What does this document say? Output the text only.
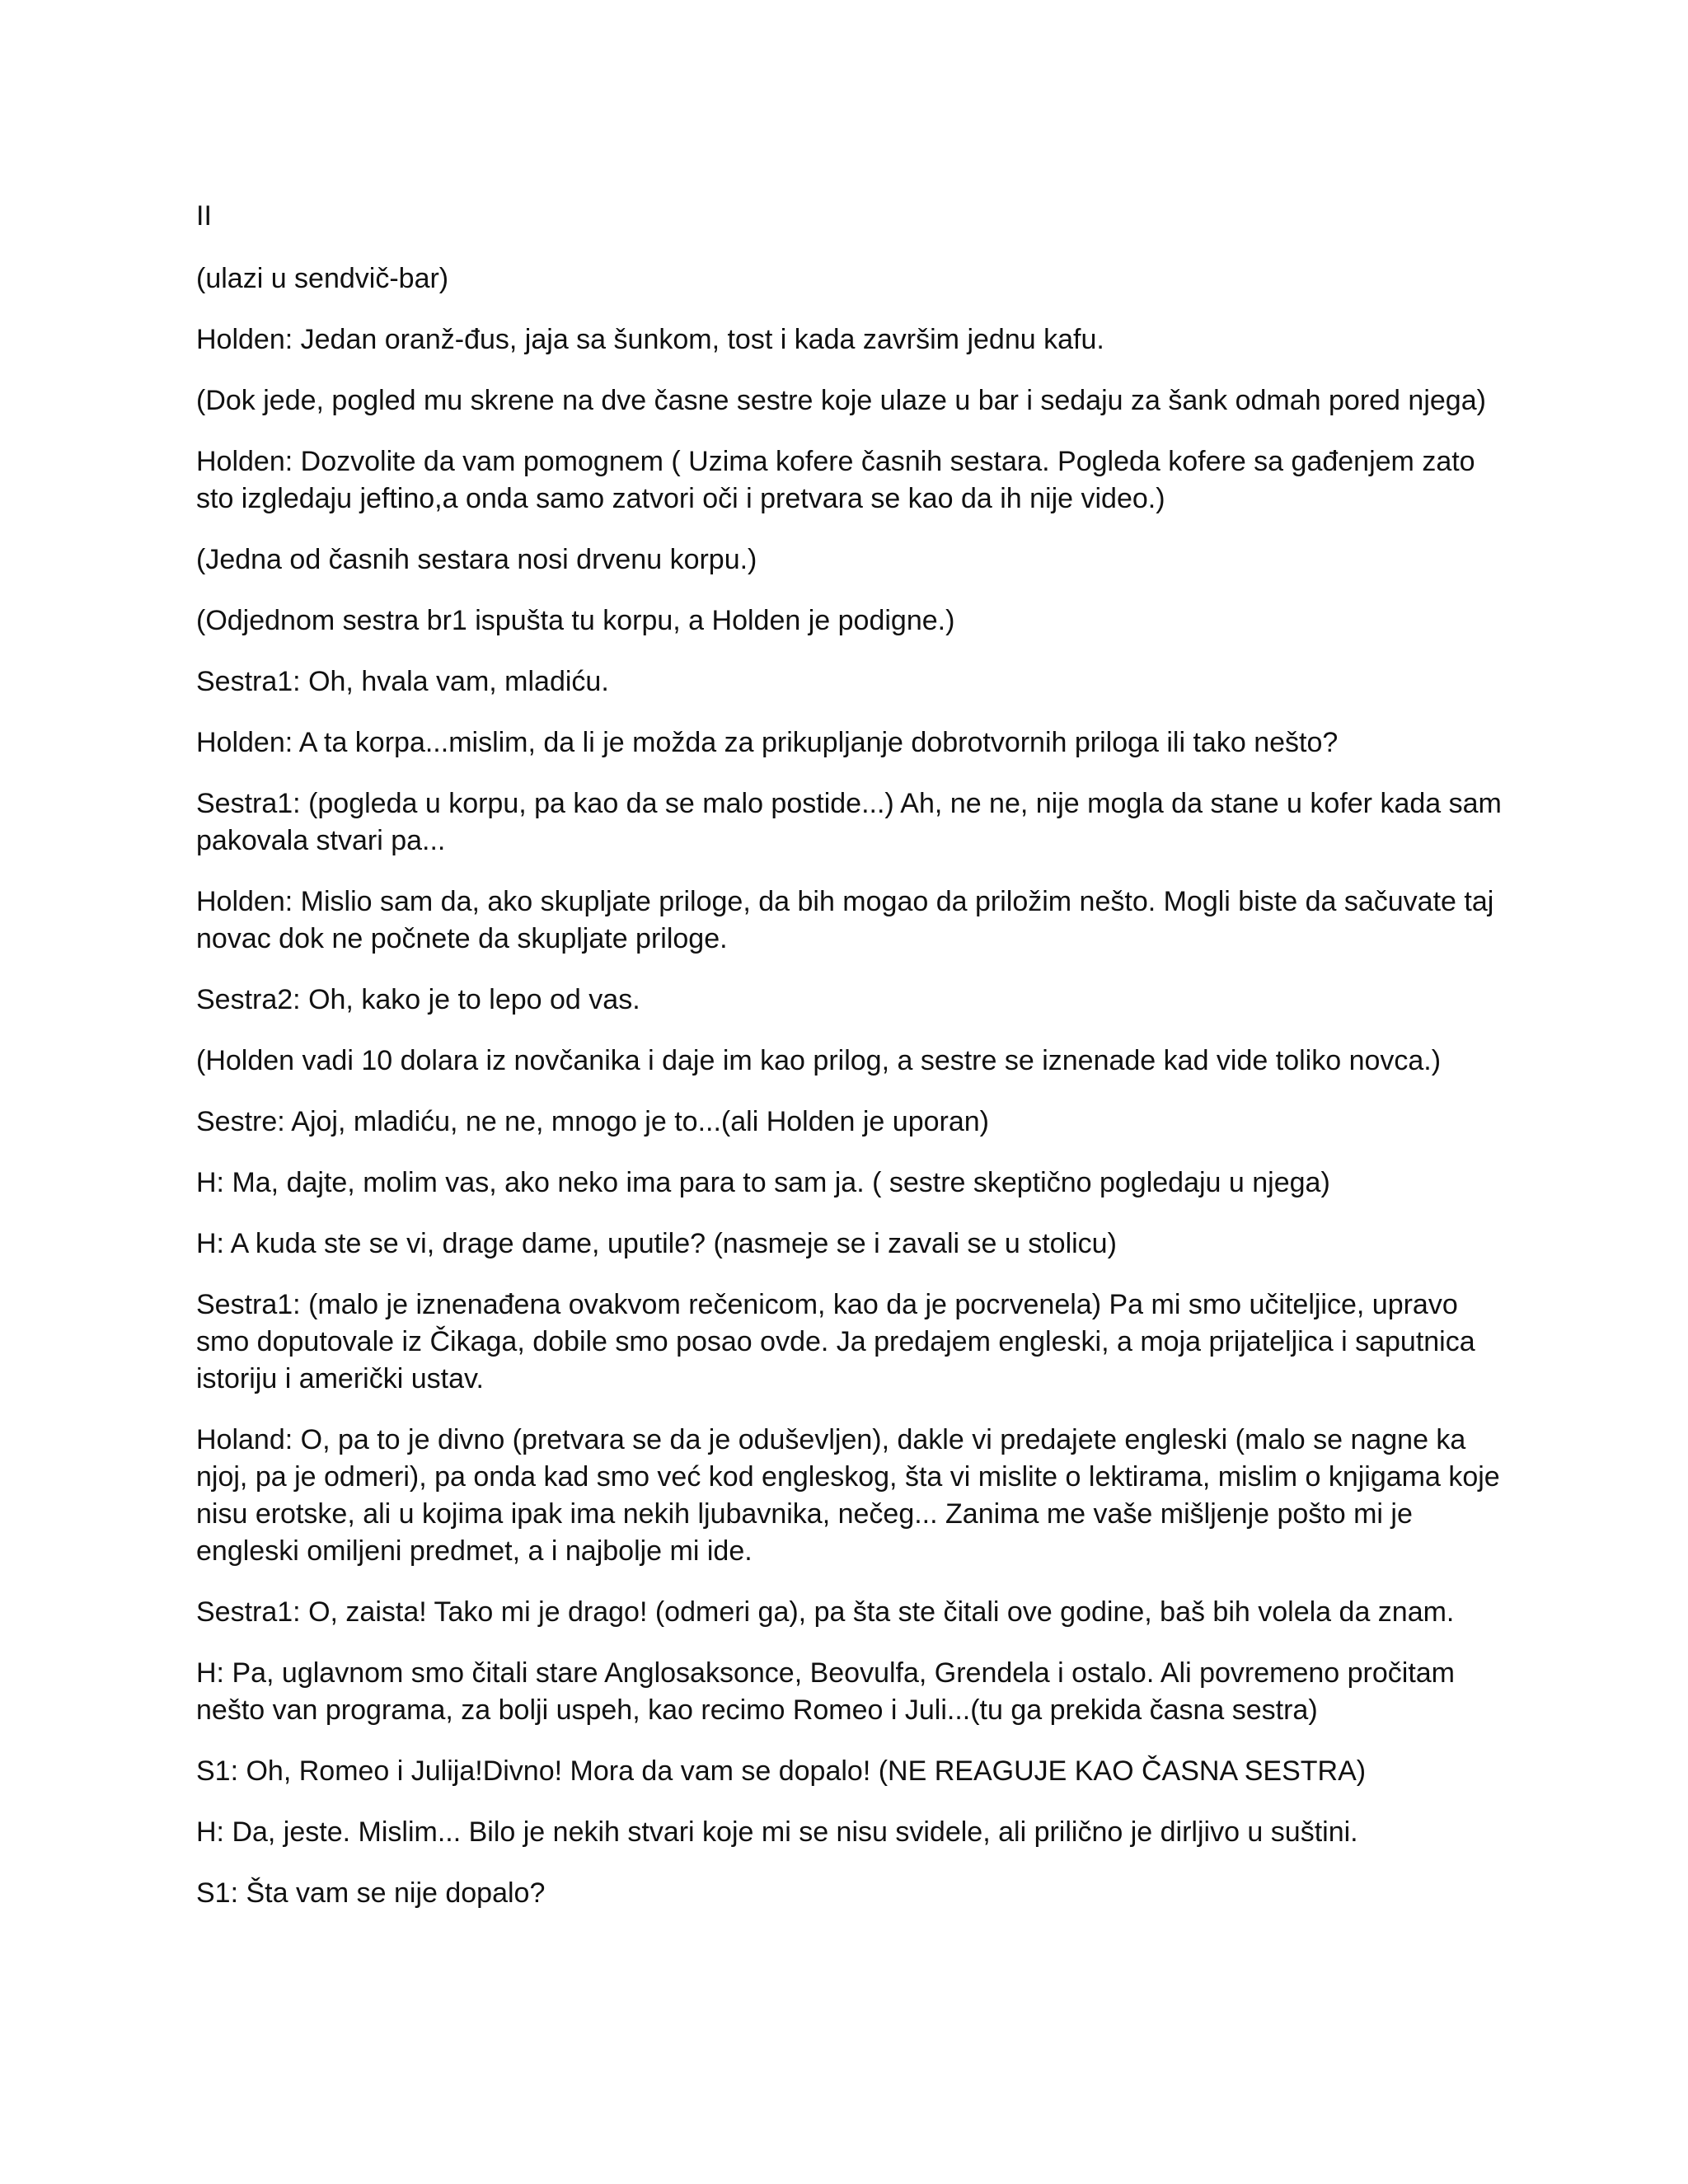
II

(ulazi u sendvič-bar)

Holden: Jedan oranž-đus, jaja sa šunkom, tost i kada završim jednu kafu.

(Dok jede, pogled mu skrene na dve časne sestre koje ulaze u bar i sedaju za šank odmah pored njega)

Holden: Dozvolite da vam pomognem ( Uzima kofere časnih sestara. Pogleda kofere sa gađenjem zato sto izgledaju jeftino,a onda samo zatvori oči i pretvara se kao da ih nije video.)

(Jedna od časnih sestara nosi drvenu korpu.)

(Odjednom sestra br1 ispušta tu korpu, a Holden je podigne.)

Sestra1: Oh, hvala vam, mladiću.

Holden: A ta korpa...mislim, da li je možda za prikupljanje dobrotvornih priloga ili tako nešto?

Sestra1: (pogleda u korpu, pa kao da se malo postide...) Ah, ne ne, nije mogla da stane u kofer kada sam pakovala stvari pa...

Holden: Mislio sam da, ako skupljate priloge, da bih mogao da priložim nešto. Mogli biste da sačuvate taj novac dok ne počnete da skupljate priloge.

Sestra2: Oh, kako je to lepo od vas.

(Holden vadi 10 dolara iz novčanika i daje im kao prilog, a sestre se iznenade kad vide toliko novca.)

Sestre: Ajoj, mladiću, ne ne, mnogo je to...(ali Holden je uporan)

H: Ma, dajte, molim vas, ako neko ima para to sam ja. ( sestre skeptično pogledaju u njega)

H: A kuda ste se vi, drage dame, uputile? (nasmeje se i zavali se u stolicu)

Sestra1: (malo je iznenađena ovakvom rečenicom, kao da je pocrvenela) Pa mi smo učiteljice, upravo smo doputovale iz Čikaga, dobile smo posao ovde. Ja predajem engleski, a moja prijateljica i saputnica istoriju i američki ustav.

Holand: O, pa to je divno (pretvara se da je oduševljen), dakle vi predajete engleski (malo se nagne ka njoj, pa je odmeri), pa onda kad smo već kod engleskog, šta vi mislite o lektirama, mislim o knjigama koje nisu erotske, ali u kojima ipak ima nekih ljubavnika, nečeg... Zanima me vaše mišljenje pošto mi je engleski omiljeni predmet, a i najbolje mi ide.

Sestra1: O, zaista! Tako mi je drago! (odmeri ga), pa šta ste čitali ove godine, baš bih volela da znam.

H: Pa, uglavnom smo čitali stare Anglosaksonce, Beovulfa, Grendela i ostalo. Ali povremeno pročitam nešto van programa, za bolji uspeh, kao recimo Romeo i Juli...(tu ga prekida časna sestra)

S1: Oh, Romeo i Julija!Divno! Mora da vam se dopalo! (NE REAGUJE KAO ČASNA SESTRA)

H: Da, jeste. Mislim... Bilo je nekih stvari koje mi se nisu svidele, ali prilično je dirljivo u suštini.

S1: Šta vam se nije dopalo?
